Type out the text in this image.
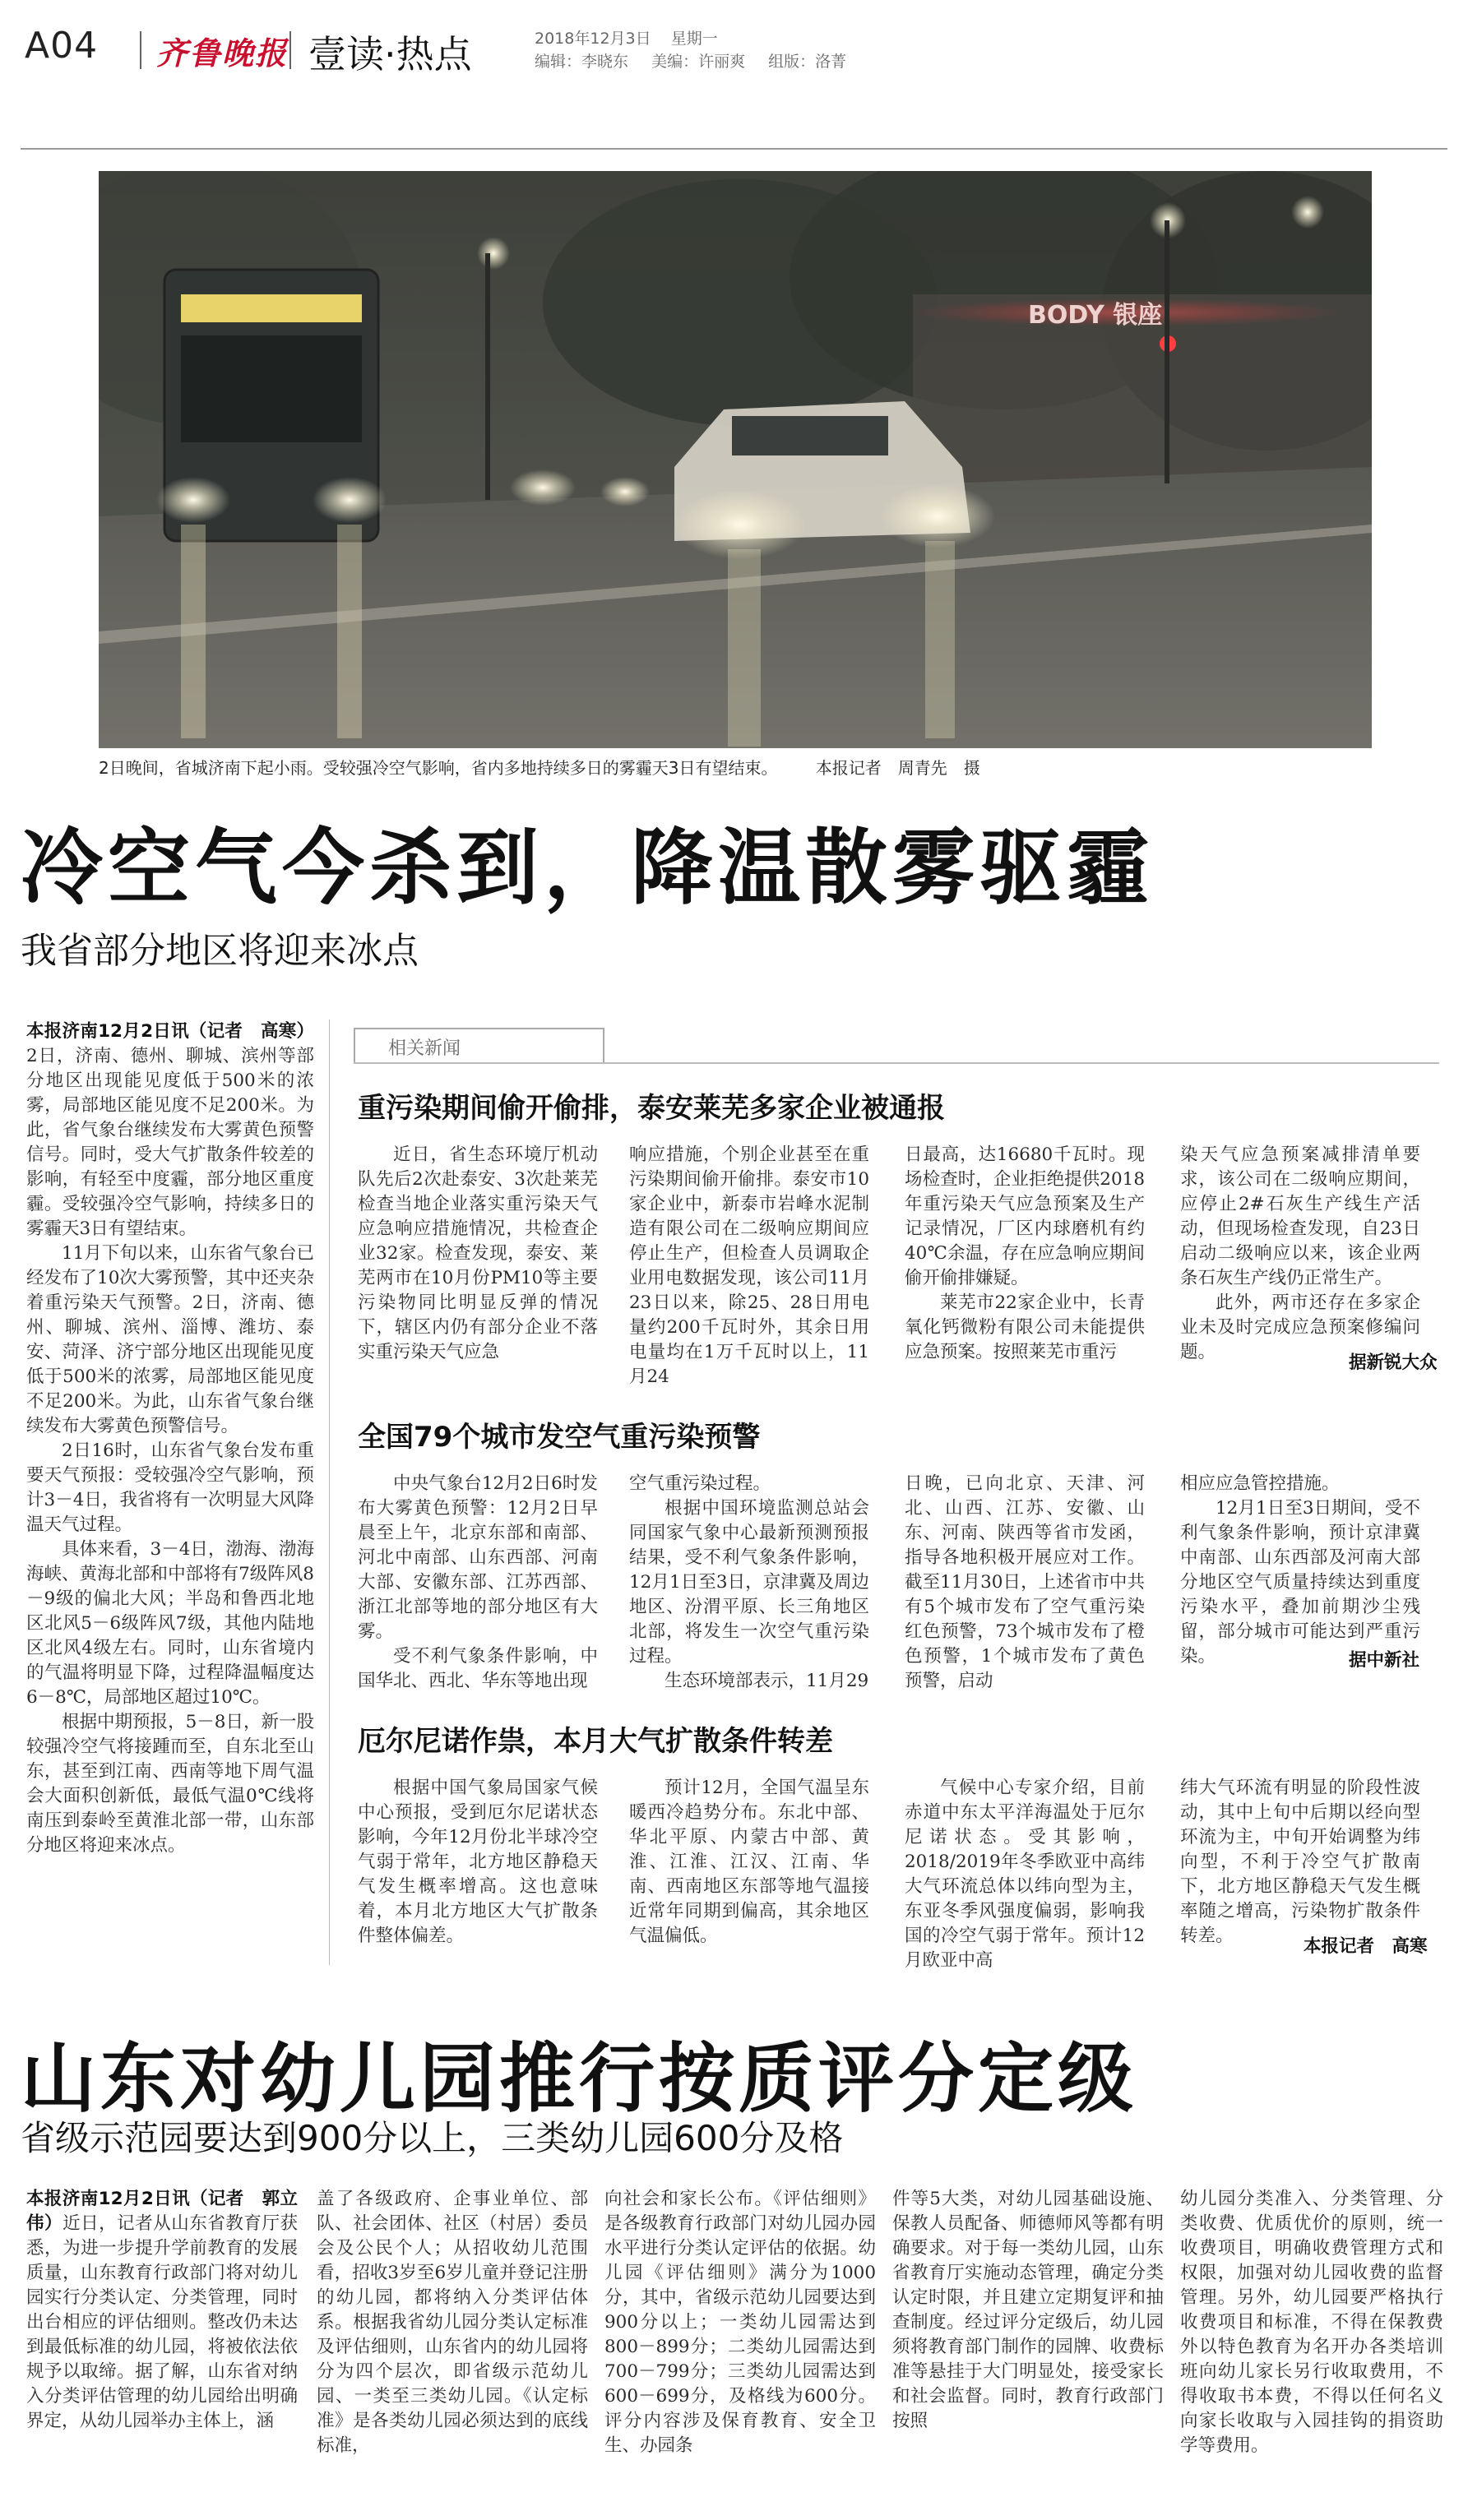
A04 齐鲁晚报 壹读·热点	2018年12月3日 星期一
编辑：李晓东 美编：许丽爽 组版：洛菁
BODY 银座
2日晚间，省城济南下起小雨。受较强冷空气影响，省内多地持续多日的雾霾天3日有望结束。 本报记者　周青先　摄
冷空气今杀到，降温散雾驱霾
我省部分地区将迎来冰点

本报济南12月2日讯（记者　高寒）2日，济南、德州、聊城、滨州等部分地区出现能见度低于500米的浓雾，局部地区能见度不足200米。为此，省气象台继续发布大雾黄色预警信号。同时，受大气扩散条件较差的影响，有轻至中度霾，部分地区重度霾。受较强冷空气影响，持续多日的雾霾天3日有望结束。

11月下旬以来，山东省气象台已经发布了10次大雾预警，其中还夹杂着重污染天气预警。2日，济南、德州、聊城、滨州、淄博、潍坊、泰安、菏泽、济宁部分地区出现能见度低于500米的浓雾，局部地区能见度不足200米。为此，山东省气象台继续发布大雾黄色预警信号。

2日16时，山东省气象台发布重要天气预报：受较强冷空气影响，预计3－4日，我省将有一次明显大风降温天气过程。

具体来看，3－4日，渤海、渤海海峡、黄海北部和中部将有7级阵风8－9级的偏北大风；半岛和鲁西北地区北风5－6级阵风7级，其他内陆地区北风4级左右。同时，山东省境内的气温将明显下降，过程降温幅度达6－8℃，局部地区超过10℃。

根据中期预报，5－8日，新一股较强冷空气将接踵而至，自东北至山东，甚至到江南、西南等地下周气温会大面积创新低，最低气温0℃线将南压到泰岭至黄淮北部一带，山东部分地区将迎来冰点。

相关新闻
重污染期间偷开偷排，泰安莱芜多家企业被通报

近日，省生态环境厅机动队先后2次赴泰安、3次赴莱芜检查当地企业落实重污染天气应急响应措施情况，共检查企业32家。检查发现，泰安、莱芜两市在10月份PM10等主要污染物同比明显反弹的情况下，辖区内仍有部分企业不落实重污染天气应急

响应措施，个别企业甚至在重污染期间偷开偷排。泰安市10家企业中，新泰市岩峰水泥制造有限公司在二级响应期间应停止生产，但检查人员调取企业用电数据发现，该公司11月23日以来，除25、28日用电量约200千瓦时外，其余日用电量均在1万千瓦时以上，11月24

日最高，达16680千瓦时。现场检查时，企业拒绝提供2018年重污染天气应急预案及生产记录情况，厂区内球磨机有约40℃余温，存在应急响应期间偷开偷排嫌疑。

莱芜市22家企业中，长青氧化钙微粉有限公司未能提供应急预案。按照莱芜市重污

染天气应急预案减排清单要求，该公司在二级响应期间，应停止2#石灰生产线生产活动，但现场检查发现，自23日启动二级响应以来，该企业两条石灰生产线仍正常生产。

此外，两市还存在多家企业未及时完成应急预案修编问题。

据新锐大众
全国79个城市发空气重污染预警

中央气象台12月2日6时发布大雾黄色预警：12月2日早晨至上午，北京东部和南部、河北中南部、山东西部、河南大部、安徽东部、江苏西部、浙江北部等地的部分地区有大雾。

受不利气象条件影响，中国华北、西北、华东等地出现

空气重污染过程。

根据中国环境监测总站会同国家气象中心最新预测预报结果，受不利气象条件影响，12月1日至3日，京津冀及周边地区、汾渭平原、长三角地区北部，将发生一次空气重污染过程。

生态环境部表示，11月29

日晚，已向北京、天津、河北、山西、江苏、安徽、山东、河南、陕西等省市发函，指导各地积极开展应对工作。截至11月30日，上述省市中共有5个城市发布了空气重污染红色预警，73个城市发布了橙色预警，1个城市发布了黄色预警，启动

相应应急管控措施。

12月1日至3日期间，受不利气象条件影响，预计京津冀中南部、山东西部及河南大部分地区空气质量持续达到重度污染水平，叠加前期沙尘残留，部分城市可能达到严重污染。	据中新社
厄尔尼诺作祟，本月大气扩散条件转差

根据中国气象局国家气候中心预报，受到厄尔尼诺状态影响，今年12月份北半球冷空气弱于常年，北方地区静稳天气发生概率增高。这也意味着，本月北方地区大气扩散条件整体偏差。

预计12月，全国气温呈东暖西冷趋势分布。东北中部、华北平原、内蒙古中部、黄淮、江淮、江汉、江南、华南、西南地区东部等地气温接近常年同期到偏高，其余地区气温偏低。

气候中心专家介绍，目前赤道中东太平洋海温处于厄尔尼诺状态。受其影响，2018/2019年冬季欧亚中高纬大气环流总体以纬向型为主，东亚冬季风强度偏弱，影响我国的冷空气弱于常年。预计12月欧亚中高

纬大气环流有明显的阶段性波动，其中上旬中后期以经向型环流为主，中旬开始调整为纬向型，不利于冷空气扩散南下，北方地区静稳天气发生概率随之增高，污染物扩散条件转差。

本报记者　高寒
山东对幼儿园推行按质评分定级
省级示范园要达到900分以上，三类幼儿园600分及格

本报济南12月2日讯（记者　郭立伟）近日，记者从山东省教育厅获悉，为进一步提升学前教育的发展质量，山东教育行政部门将对幼儿园实行分类认定、分类管理，同时出台相应的评估细则。整改仍未达到最低标准的幼儿园，将被依法依规予以取缔。据了解，山东省对纳入分类评估管理的幼儿园给出明确界定，从幼儿园举办主体上，涵

盖了各级政府、企事业单位、部队、社会团体、社区（村居）委员会及公民个人；从招收幼儿范围看，招收3岁至6岁儿童并登记注册的幼儿园，都将纳入分类评估体系。根据我省幼儿园分类认定标准及评估细则，山东省内的幼儿园将分为四个层次，即省级示范幼儿园、一类至三类幼儿园。《认定标准》是各类幼儿园必须达到的底线标准，

向社会和家长公布。《评估细则》是各级教育行政部门对幼儿园办园水平进行分类认定评估的依据。幼儿园《评估细则》满分为1000分，其中，省级示范幼儿园要达到900分以上；一类幼儿园需达到800－899分；二类幼儿园需达到700－799分；三类幼儿园需达到600－699分，及格线为600分。评分内容涉及保育教育、安全卫生、办园条

件等5大类，对幼儿园基础设施、保教人员配备、师德师风等都有明确要求。对于每一类幼儿园，山东省教育厅实施动态管理，确定分类认定时限，并且建立定期复评和抽查制度。经过评分定级后，幼儿园须将教育部门制作的园牌、收费标准等悬挂于大门明显处，接受家长和社会监督。同时，教育行政部门按照

幼儿园分类准入、分类管理、分类收费、优质优价的原则，统一收费项目，明确收费管理方式和权限，加强对幼儿园收费的监督管理。另外，幼儿园要严格执行收费项目和标准，不得在保教费外以特色教育为名开办各类培训班向幼儿家长另行收取费用，不得收取书本费，不得以任何名义向家长收取与入园挂钩的捐资助学等费用。
